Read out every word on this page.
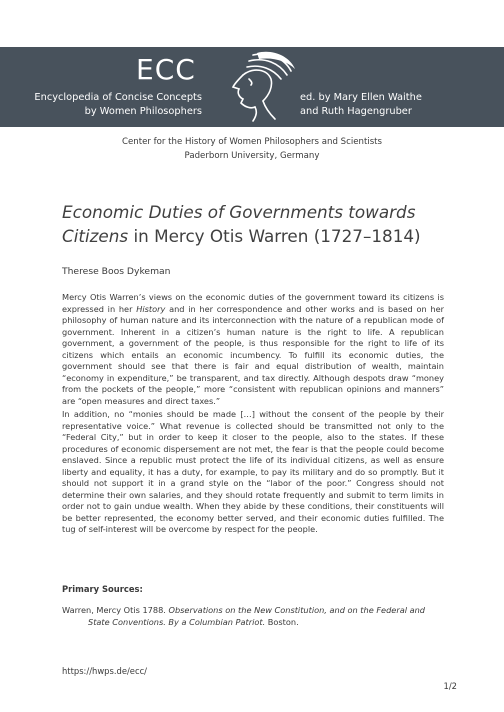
ECC
Encyclopedia of Concise Concepts
by Women Philosophers
ed. by Mary Ellen Waithe
and Ruth Hagengruber
Center for the History of Women Philosophers and Scientists
Paderborn University, Germany
Economic Duties of Governments towards
Citizens in Mercy Otis Warren (1727–1814)
Therese Boos Dykeman

Mercy Otis Warren’s views on the economic duties of the government toward its citizens is expressed in her History and in her correspondence and other works and is based on her philosophy of human nature and its interconnection with the nature of a republican mode of government. Inherent in a citizen’s human nature is the right to life. A republican government, a government of the people, is thus responsible for the right to life of its citizens which entails an economic incumbency. To fulfill its economic duties, the government should see that there is fair and equal distribution of wealth, maintain “economy in expenditure,” be transparent, and tax directly. Although despots draw “money from the pockets of the people,” more “consistent with republican opinions and manners” are “open measures and direct taxes.”

In addition, no “monies should be made […] without the consent of the people by their representative voice.” What revenue is collected should be transmitted not only to the “Federal City,” but in order to keep it closer to the people, also to the states. If these procedures of economic dispersement are not met, the fear is that the people could become enslaved. Since a republic must protect the life of its individual citizens, as well as ensure liberty and equality, it has a duty, for example, to pay its military and do so promptly. But it should not support it in a grand style on the “labor of the poor.” Congress should not determine their own salaries, and they should rotate frequently and submit to term limits in order not to gain undue wealth. When they abide by these conditions, their constituents will be better represented, the economy better served, and their economic duties fulfilled. The tug of self-interest will be overcome by respect for the people.

Primary Sources:
Warren, Mercy Otis 1788. Observations on the New Constitution, and on the Federal and State Conventions. By a Columbian Patriot. Boston.
https://hwps.de/ecc/
1/2
